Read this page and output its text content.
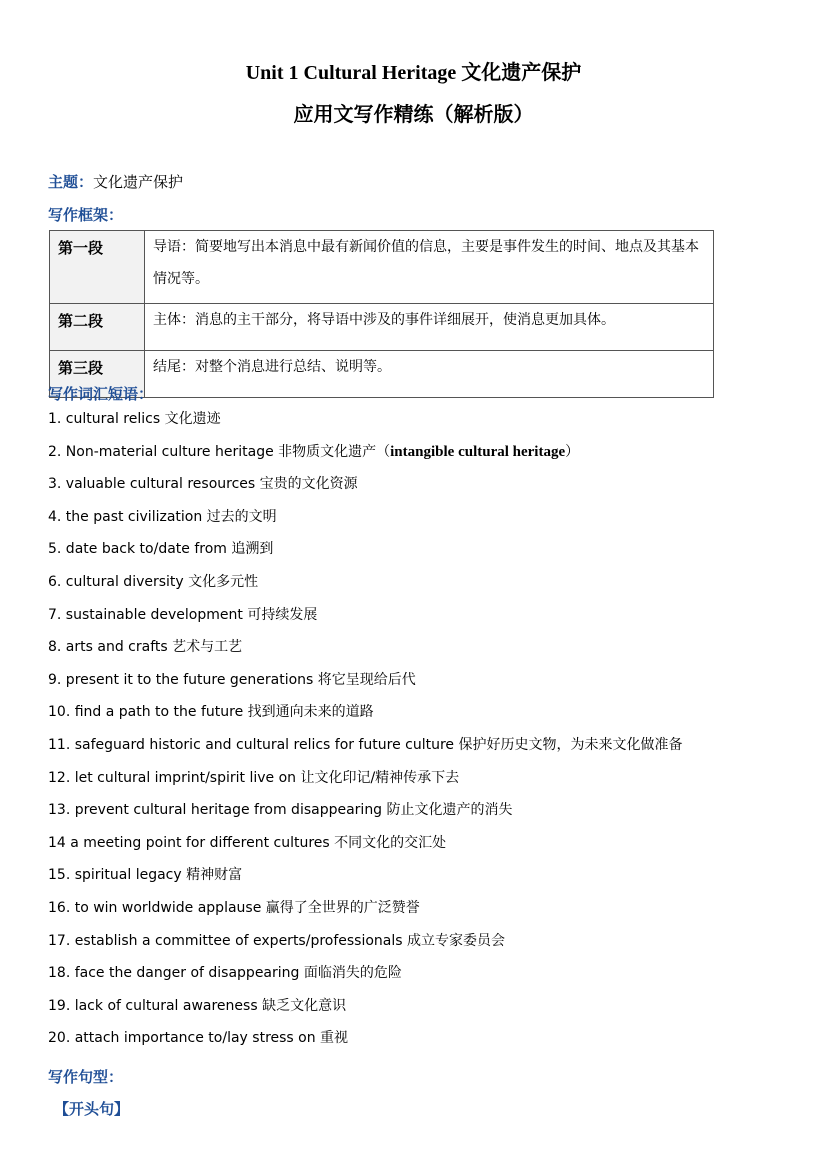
Unit 1 Cultural Heritage 文化遗产保护
应用文写作精练（解析版）
主题：文化遗产保护
写作框架：
第一段	导语：简要地写出本消息中最有新闻价值的信息，主要是事件发生的时间、地点及其基本情况等。
第二段	主体：消息的主干部分，将导语中涉及的事件详细展开，使消息更加具体。
第三段	结尾：对整个消息进行总结、说明等。
写作词汇短语：
1. cultural relics 文化遗迹
2. Non-material culture heritage 非物质文化遗产（intangible cultural heritage）
3. valuable cultural resources 宝贵的文化资源
4. the past civilization 过去的文明
5. date back to/date from 追溯到
6. cultural diversity 文化多元性
7. sustainable development 可持续发展
8. arts and crafts 艺术与工艺
9. present it to the future generations 将它呈现给后代
10. find a path to the future 找到通向未来的道路
11. safeguard historic and cultural relics for future culture 保护好历史文物，为未来文化做准备
12. let cultural imprint/spirit live on 让文化印记/精神传承下去
13. prevent cultural heritage from disappearing 防止文化遗产的消失
14 a meeting point for different cultures 不同文化的交汇处
15. spiritual legacy 精神财富
16. to win worldwide applause 赢得了全世界的广泛赞誉
17. establish a committee of experts/professionals 成立专家委员会
18. face the danger of disappearing 面临消失的危险
19. lack of cultural awareness 缺乏文化意识
20. attach importance to/lay stress on 重视
写作句型：
【开头句】
